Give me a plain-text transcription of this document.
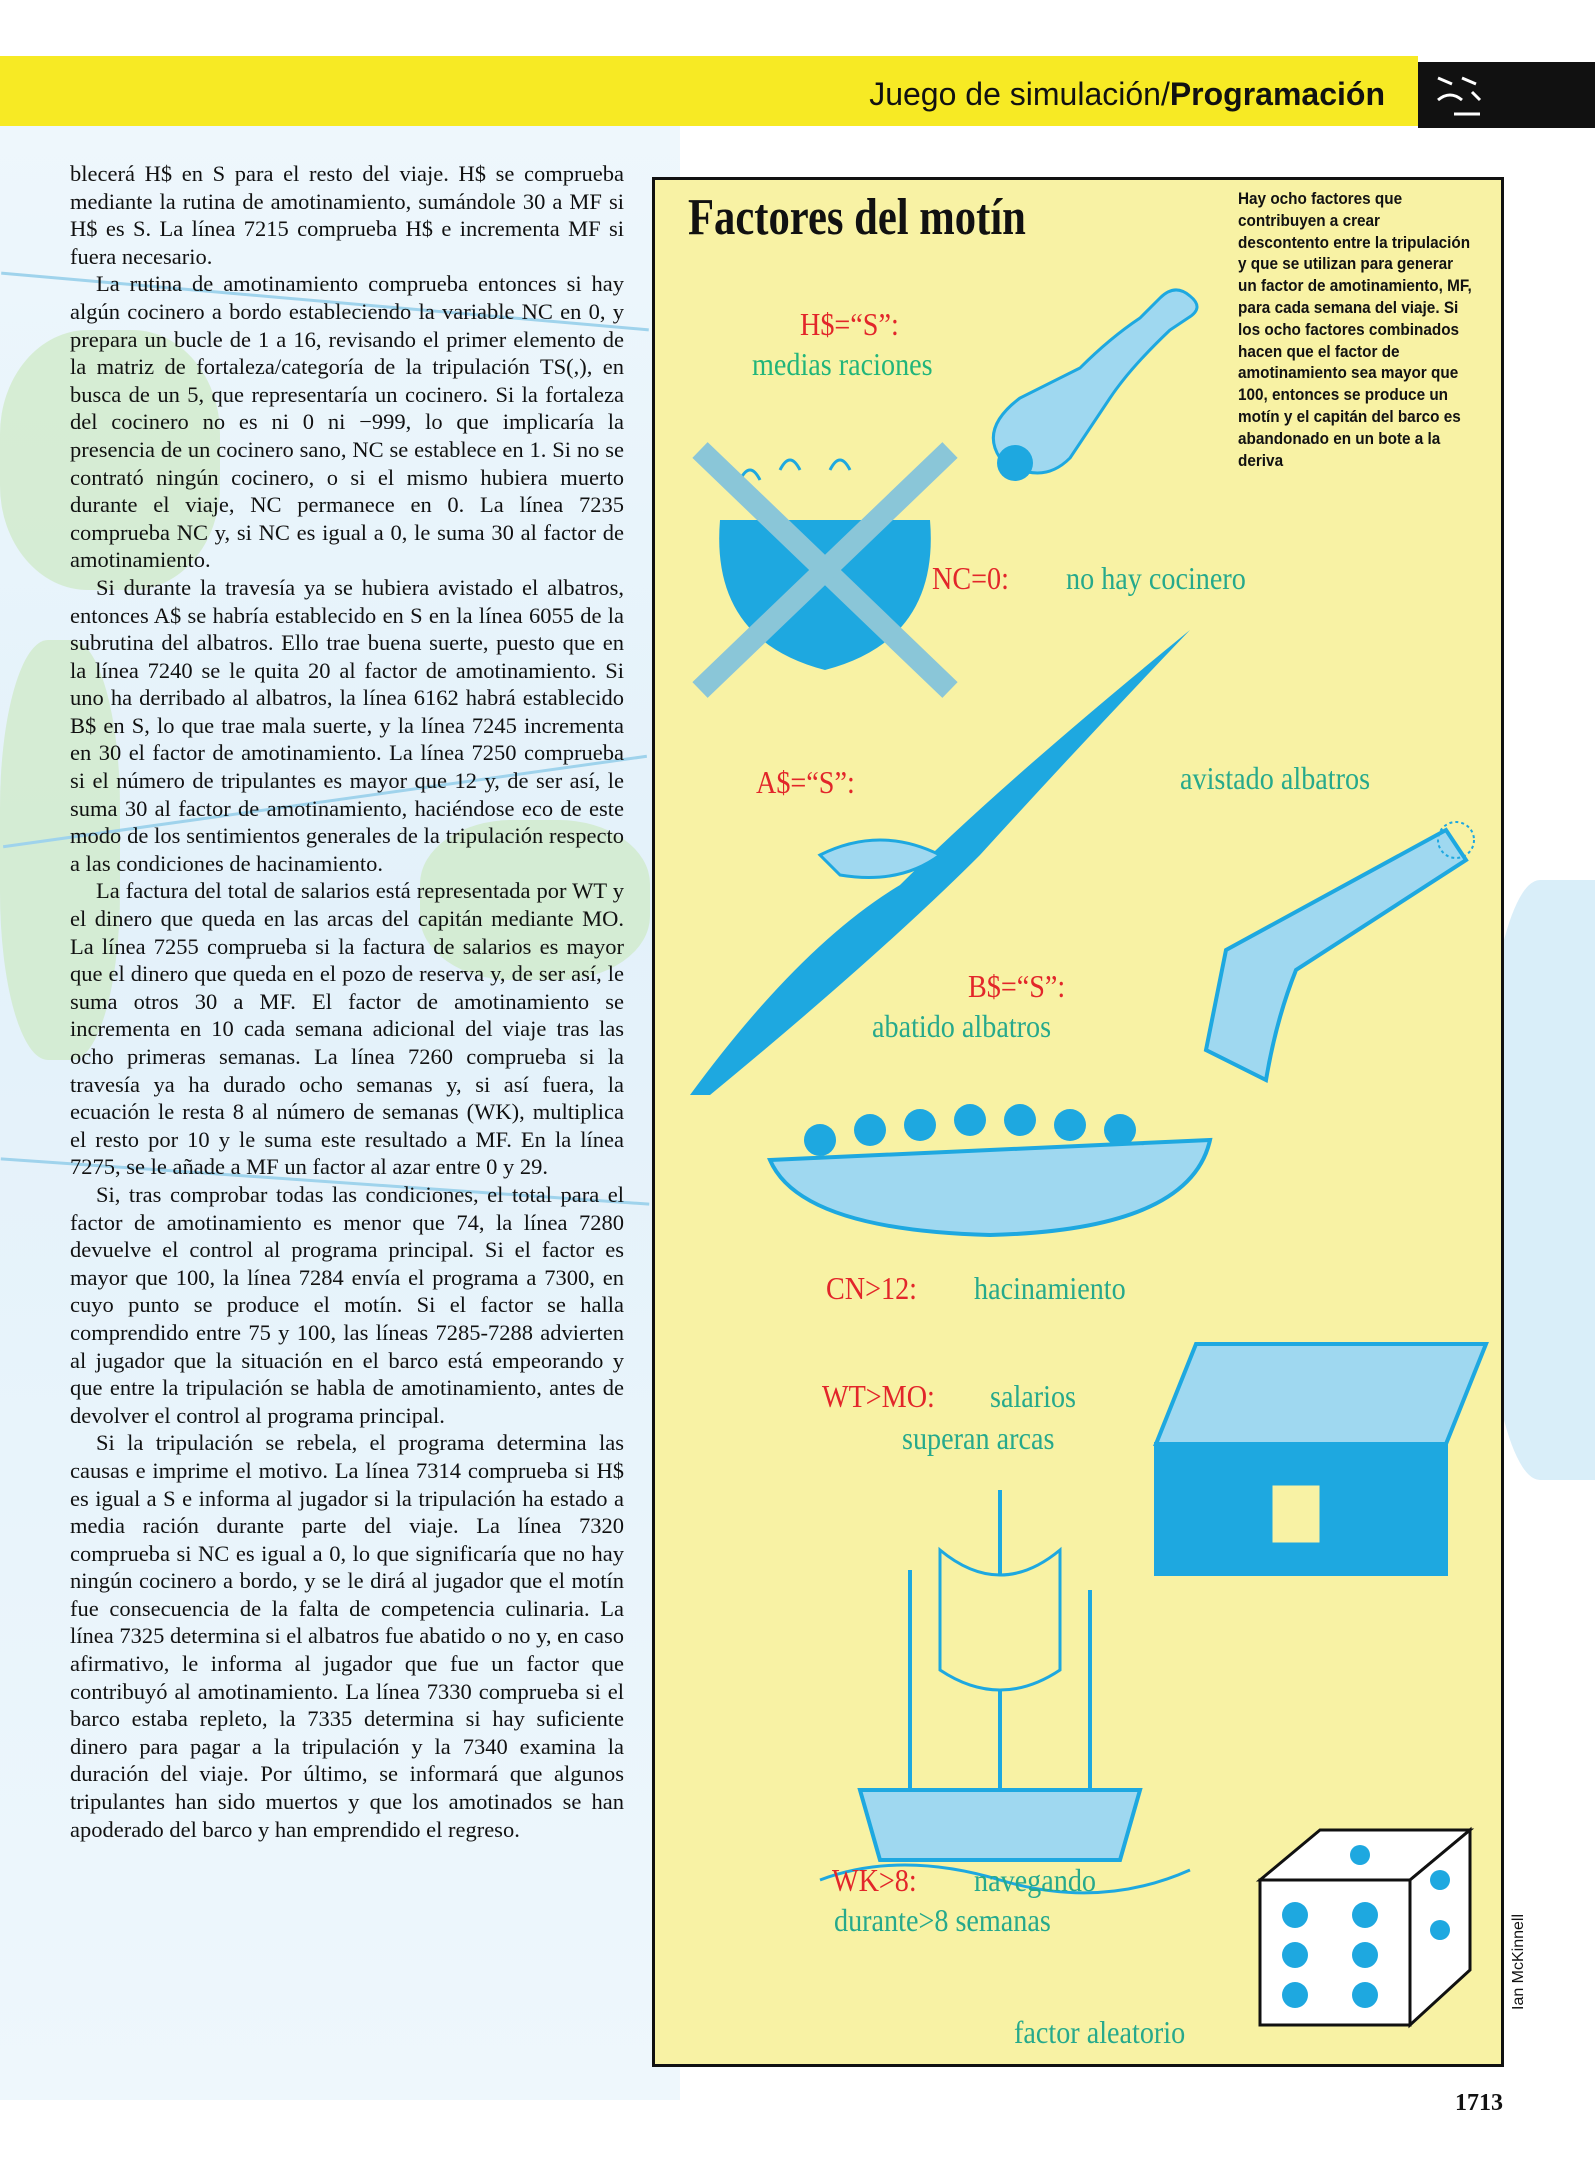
Juego de simulación/Programación

blecerá H$ en S para el resto del viaje. H$ se comprueba mediante la rutina de amotinamiento, sumándole 30 a MF si H$ es S. La línea 7215 comprueba H$ e incrementa MF si fuera necesario.

La rutina de amotinamiento comprueba entonces si hay algún cocinero a bordo estableciendo la variable NC en 0, y prepara un bucle de 1 a 16, revisando el primer elemento de la matriz de fortaleza/categoría de la tripulación TS(,), en busca de un 5, que representaría un cocinero. Si la fortaleza del cocinero no es ni 0 ni −999, lo que implicaría la presencia de un cocinero sano, NC se establece en 1. Si no se contrató ningún cocinero, o si el mismo hubiera muerto durante el viaje, NC permanece en 0. La línea 7235 comprueba NC y, si NC es igual a 0, le suma 30 al factor de amotinamiento.

Si durante la travesía ya se hubiera avistado el albatros, entonces A$ se habría establecido en S en la línea 6055 de la subrutina del albatros. Ello trae buena suerte, puesto que en la línea 7240 se le quita 20 al factor de amotinamiento. Si uno ha derribado al albatros, la línea 6162 habrá establecido B$ en S, lo que trae mala suerte, y la línea 7245 incrementa en 30 el factor de amotinamiento. La línea 7250 comprueba si el número de tripulantes es mayor que 12 y, de ser así, le suma 30 al factor de amotinamiento, haciéndose eco de este modo de los sentimientos generales de la tripulación respecto a las condiciones de hacinamiento.

La factura del total de salarios está representada por WT y el dinero que queda en las arcas del capitán mediante MO. La línea 7255 comprueba si la factura de salarios es mayor que el dinero que queda en el pozo de reserva y, de ser así, le suma otros 30 a MF. El factor de amotinamiento se incrementa en 10 cada semana adicional del viaje tras las ocho primeras semanas. La línea 7260 comprueba si la travesía ya ha durado ocho semanas y, si así fuera, la ecuación le resta 8 al número de semanas (WK), multiplica el resto por 10 y le suma este resultado a MF. En la línea 7275, se le añade a MF un factor al azar entre 0 y 29.

Si, tras comprobar todas las condiciones, el total para el factor de amotinamiento es menor que 74, la línea 7280 devuelve el control al programa principal. Si el factor es mayor que 100, la línea 7284 envía el programa a 7300, en cuyo punto se produce el motín. Si el factor se halla comprendido entre 75 y 100, las líneas 7285-7288 advierten al jugador que la situación en el barco está empeorando y que entre la tripulación se habla de amotinamiento, antes de devolver el control al programa principal.

Si la tripulación se rebela, el programa determina las causas e imprime el motivo. La línea 7314 comprueba si H$ es igual a S e informa al jugador si la tripulación ha estado a media ración durante parte del viaje. La línea 7320 comprueba si NC es igual a 0, lo que significaría que no hay ningún cocinero a bordo, y se le dirá al jugador que el motín fue consecuencia de la falta de competencia culinaria. La línea 7325 determina si el albatros fue abatido o no y, en caso afirmativo, le informa al jugador que fue un factor que contribuyó al amotinamiento. La línea 7330 comprueba si el barco estaba repleto, la 7335 determina si hay suficiente dinero para pagar a la tripulación y la 7340 examina la duración del viaje. Por último, se informará que algunos tripulantes han sido muertos y que los amotinados se han apoderado del barco y han emprendido el regreso.

Factores del motín	Hay ocho factores que contribuyen a crear descontento entre la tripulación y que se utilizan para generar un factor de amotinamiento, MF, para cada semana del viaje. Si los ocho factores combinados hacen que el factor de amotinamiento sea mayor que 100, entonces se produce un motín y el capitán del barco es abandonado en un bote a la deriva
H$=“S”:
medias raciones
NC=0: no hay cocinero
A$=“S”:	avistado albatros
B$=“S”:
abatido albatros
CN>12: hacinamiento
WT>MO: salarios
superan arcas
WK>8: navegando
durante>8 semanas
factor aleatorio
Ian McKinnell
1713
